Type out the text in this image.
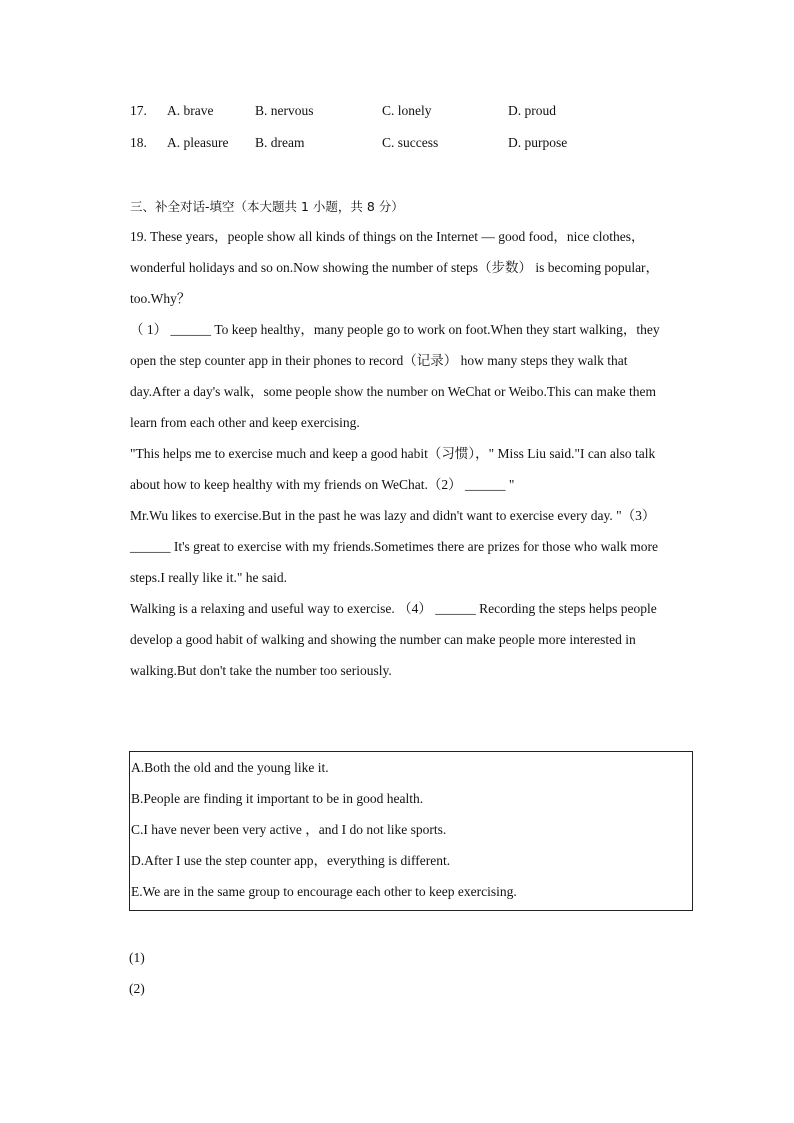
17. A. brave	B. nervous	C. lonely	D. proud
18. A. pleasure B. dream	C. success	D. purpose
三、补全对话-填空（本大题共 1 小题，共 8 分）
19. These years，people show all kinds of things on the Internet — good food，nice clothes，
wonderful holidays and so on.Now showing the number of steps（步数） is becoming popular，
too.Why？
（ 1） ______ To keep healthy，many people go to work on foot.When they start walking，they
open the step counter app in their phones to record（记录） how many steps they walk that
day.After a day's walk，some people show the number on WeChat or Weibo.This can make them
learn from each other and keep exercising.
"This helps me to exercise much and keep a good habit（习惯），" Miss Liu said."I can also talk
about how to keep healthy with my friends on WeChat.（2） ______ "
Mr.Wu likes to exercise.But in the past he was lazy and didn't want to exercise every day. "（3）
______ It's great to exercise with my friends.Sometimes there are prizes for those who walk more
steps.I really like it." he said.
Walking is a relaxing and useful way to exercise. （4） ______ Recording the steps helps people
develop a good habit of walking and showing the number can make people more interested in
walking.But don't take the number too seriously.
A.Both the old and the young like it.
B.People are finding it important to be in good health.
C.I have never been very active ，and I do not like sports.
D.After I use the step counter app，everything is different.
E.We are in the same group to encourage each other to keep exercising.
(1)
(2)
